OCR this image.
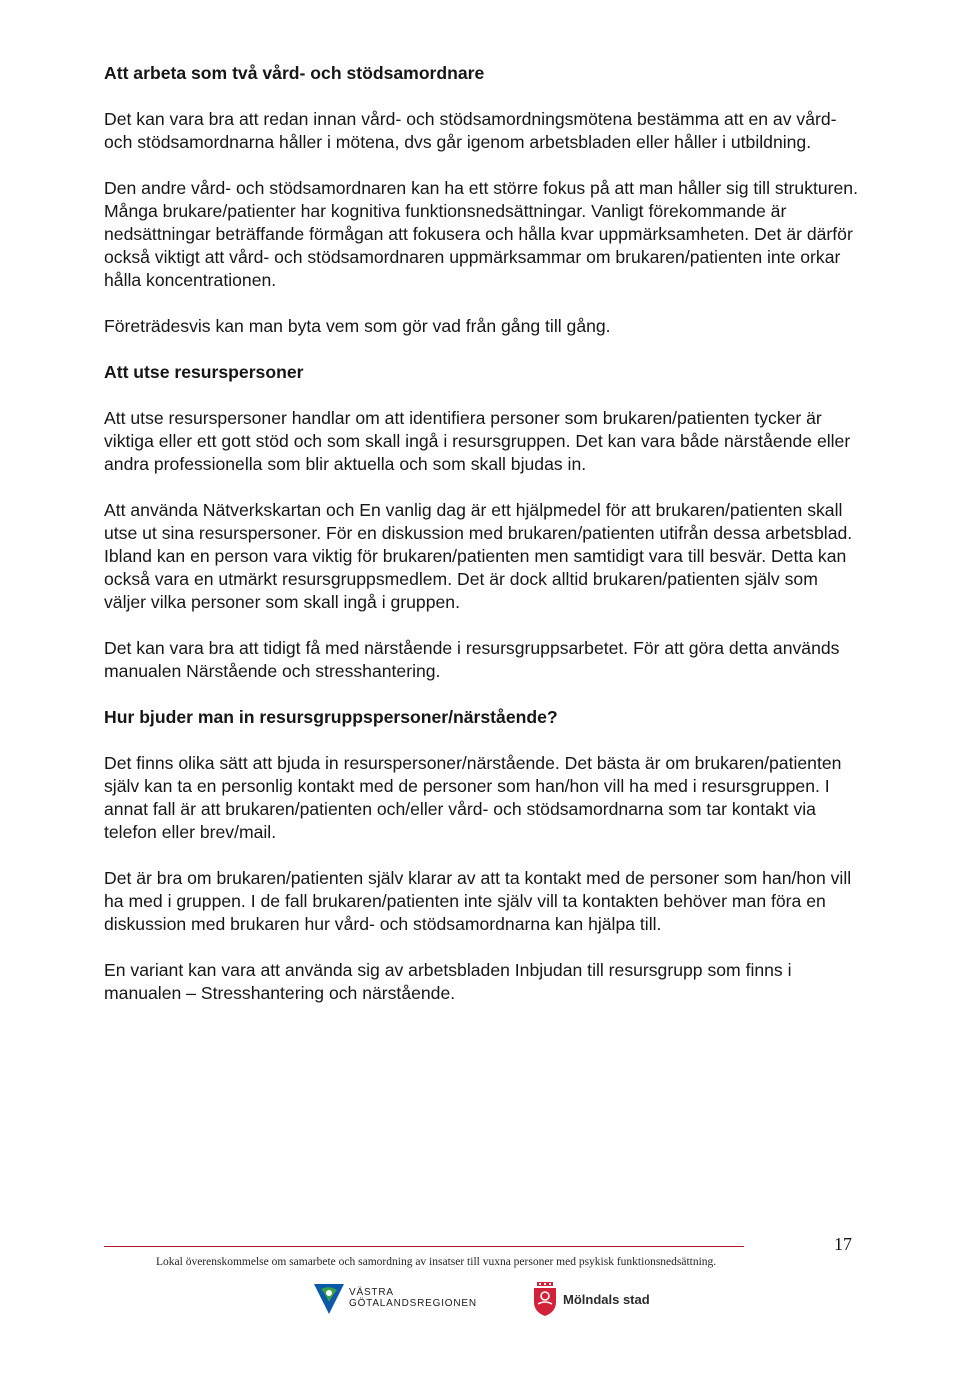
Att arbeta som två vård- och stödsamordnare

Det kan vara bra att redan innan vård- och stödsamordningsmötena bestämma att en av vård- och stödsamordnarna håller i mötena, dvs går igenom arbetsbladen eller håller i utbildning.

Den andre vård- och stödsamordnaren kan ha ett större fokus på att man håller sig till strukturen. Många brukare/patienter har kognitiva funktionsnedsättningar. Vanligt förekommande är nedsättningar beträffande förmågan att fokusera och hålla kvar uppmärksamheten. Det är därför också viktigt att vård- och stödsamordnaren uppmärksammar om brukaren/patienten inte orkar hålla koncentrationen.

Företrädesvis kan man byta vem som gör vad från gång till gång.

Att utse resurspersoner

Att utse resurspersoner handlar om att identifiera personer som brukaren/patienten tycker är viktiga eller ett gott stöd och som skall ingå i resursgruppen. Det kan vara både närstående eller andra professionella som blir aktuella och som skall bjudas in.

Att använda Nätverkskartan och En vanlig dag är ett hjälpmedel för att brukaren/patienten skall utse ut sina resurspersoner. För en diskussion med brukaren/patienten utifrån dessa arbetsblad.

Ibland kan en person vara viktig för brukaren/patienten men samtidigt vara till besvär. Detta kan också vara en utmärkt resursgruppsmedlem. Det är dock alltid brukaren/patienten själv som väljer vilka personer som skall ingå i gruppen.

Det kan vara bra att tidigt få med närstående i resursgruppsarbetet. För att göra detta används manualen Närstående och stresshantering.

Hur bjuder man in resursgruppspersoner/närstående?

Det finns olika sätt att bjuda in resurspersoner/närstående. Det bästa är om brukaren/patienten själv kan ta en personlig kontakt med de personer som han/hon vill ha med i resursgruppen. I annat fall är att brukaren/patienten och/eller vård- och stödsamordnarna som tar kontakt via telefon eller brev/mail.

Det är bra om brukaren/patienten själv klarar av att ta kontakt med de personer som han/hon vill ha med i gruppen. I de fall brukaren/patienten inte själv vill ta kontakten behöver man föra en diskussion med brukaren hur vård- och stödsamordnarna kan hjälpa till.

En variant kan vara att använda sig av arbetsbladen Inbjudan till resursgrupp som finns i manualen – Stresshantering och närstående.

17
Lokal överenskommelse om samarbete och samordning av insatser till vuxna personer med psykisk funktionsnedsättning.
VÄSTRA
GÖTALANDSREGIONEN	Mölndals stad
